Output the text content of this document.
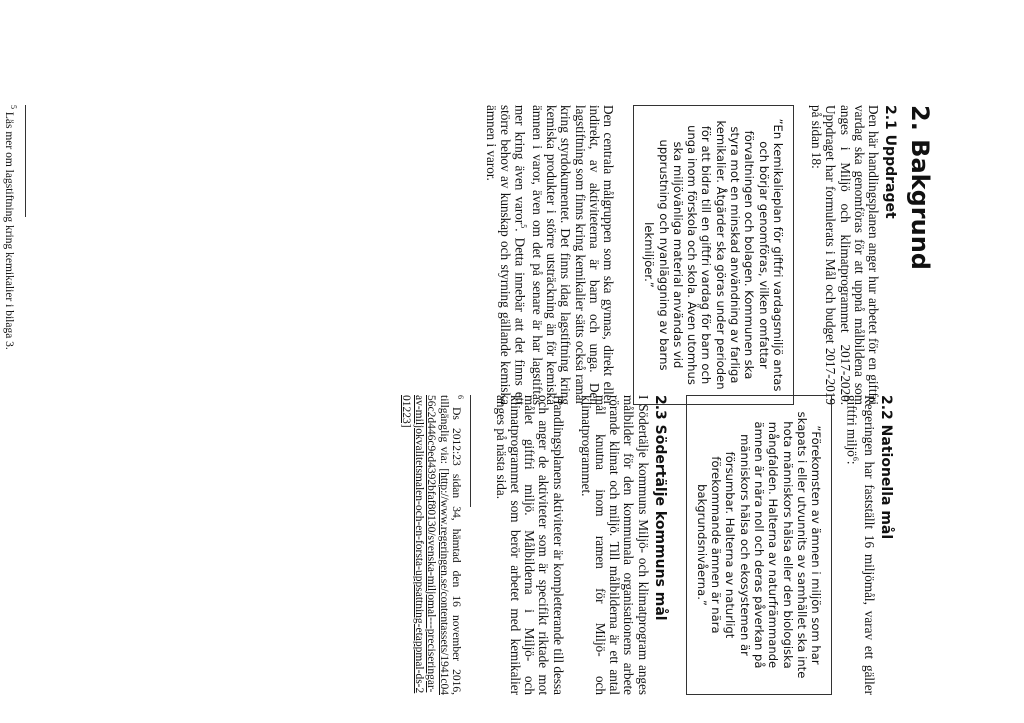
2. Bakgrund
2.1 Uppdraget

Den här handlingsplanen anger hur arbetet för en giftfri vardag ska genomföras för att uppnå målbildena som anges i Miljö och klimatprogrammet 2017-2020. Uppdraget har formulerats i Mål och budget 2017-2019 på sidan 18:

”En kemikalieplan för giftfri vardagsmiljö antas och börjar genomföras, vilken omfattar förvaltningen och bolagen. Kommunen ska styra mot en minskad användning av farliga kemikalier. Åtgärder ska göras under perioden för att bidra till en giftfri vardag för barn och unga inom förskola och skola. Även utomhus ska miljövänliga material användas vid upprustning och nyanläggning av barns lekmiljöer.”

Den centrala målgruppen som ska gynnas, direkt eller indirekt, av aktiviteterna är barn och unga. Den lagstiftning som finns kring kemikalier sätts också ramar kring styrdokumentet. Det finns idag lagstiftning kring kemiska produkter i större utsträckning än för kemiska ämnen i varor, även om det på senare är har lagstiftas mer kring även varor$^5$. Detta innebär att det finns ett större behov av kunskap och styrning gällande kemiska ämnen i varor.

$^5$ Läs mer om lagstiftning kring kemikalier i bilaga 3.

2.2 Nationella mål

Regeringen har fastställt 16 miljömål, varav ett gäller giftfri miljö$^6$:

”Förekomsten av ämnen i miljön som har skapats i eller utvunnits av samhället ska inte hota människors hälsa eller den biologiska mångfalden. Halterna av naturfrämmande ämnen är nära noll och deras påverkan på människors hälsa och ekosystemen är försumbar. Halterna av naturligt förekommande ämnen är nära bakgrundsnivåerna.”
2.3 Södertälje kommuns mål

I Södertälje kommuns Miljö- och klimatprogram anges målbilder för den kommunala organisationens arbete rörande klimat och miljö. Till målbilderna är ett antal mål knutna inom ramen för Miljö- och klimatprogrammet.

Handlingsplanens aktiviteter är kompletterande till dessa och anger de aktiviteter som är specifikt riktade mot målet giftfri miljö. Målbilderna i Miljö- och klimatprogrammet som berör arbetet med kemikalier anges på nästa sida.

$^6$ Ds 2012:23 sidan 34, hämtad den 16 november 2016, tillgänglig via: [http://www.regeringen.se/contentassets/1941c0456c2d446c9ed4392bfaf80130/svenska-miljomal---preciseringar-av-miljokvalitetsmalen-och-en-forsta-uppsattning-etappmal-ds-201223]
